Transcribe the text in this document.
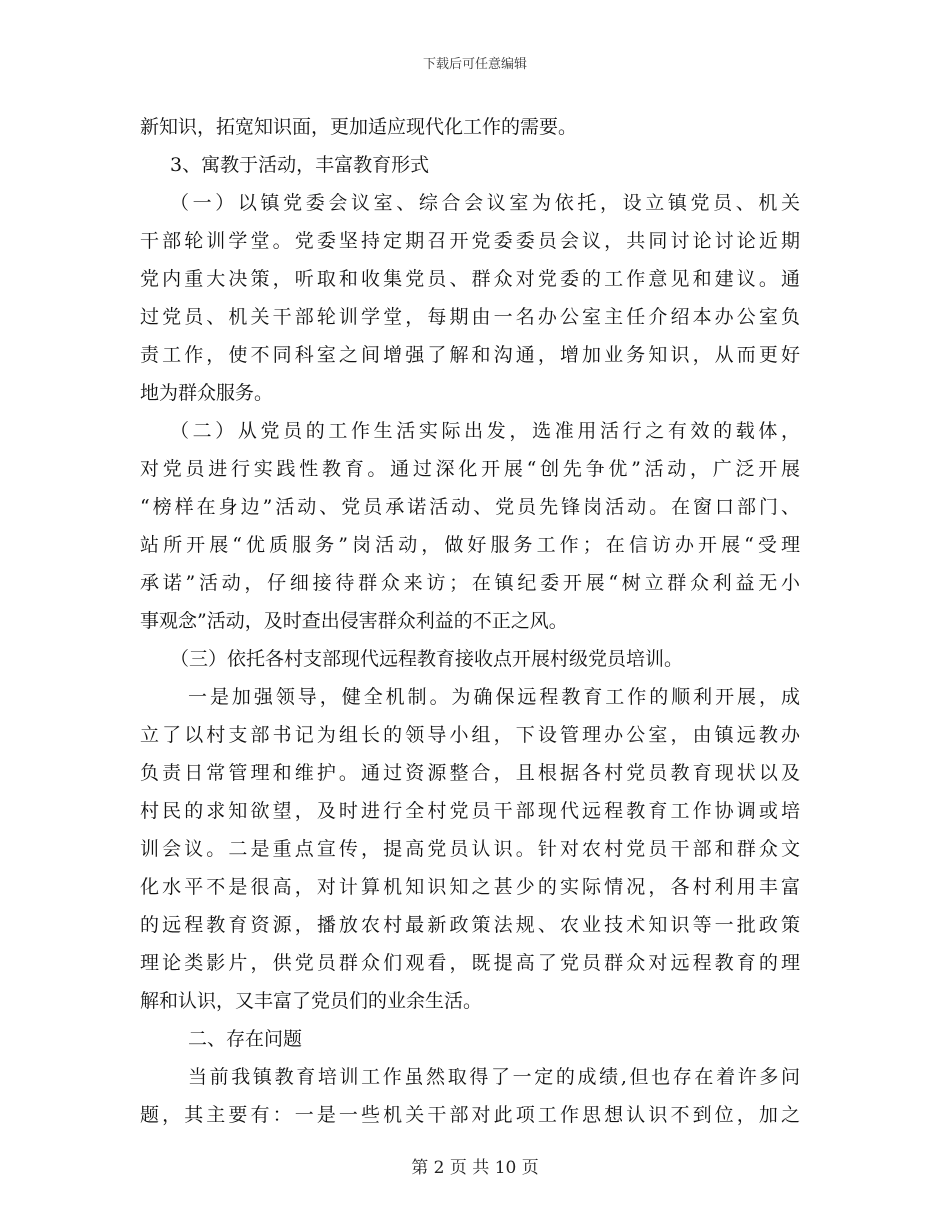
下载后可任意编辑
新知识，拓宽知识面，更加适应现代化工作的需要。
3、寓教于活动，丰富教育形式
（一）以镇党委会议室、综合会议室为依托，设立镇党员、机关
干部轮训学堂。党委坚持定期召开党委委员会议，共同讨论讨论近期
党内重大决策，听取和收集党员、群众对党委的工作意见和建议。通
过党员、机关干部轮训学堂，每期由一名办公室主任介绍本办公室负
责工作，使不同科室之间增强了解和沟通，增加业务知识，从而更好
地为群众服务。
（二）从党员的工作生活实际出发，选准用活行之有效的载体，
对党员进行实践性教育。通过深化开展“创先争优”活动，广泛开展
“榜样在身边”活动、党员承诺活动、党员先锋岗活动。在窗口部门、
站所开展“优质服务”岗活动，做好服务工作；在信访办开展“受理
承诺”活动，仔细接待群众来访；在镇纪委开展“树立群众利益无小
事观念”活动，及时查出侵害群众利益的不正之风。
（三）依托各村支部现代远程教育接收点开展村级党员培训。
一是加强领导，健全机制。为确保远程教育工作的顺利开展，成
立了以村支部书记为组长的领导小组，下设管理办公室，由镇远教办
负责日常管理和维护。通过资源整合，且根据各村党员教育现状以及
村民的求知欲望，及时进行全村党员干部现代远程教育工作协调或培
训会议。二是重点宣传，提高党员认识。针对农村党员干部和群众文
化水平不是很高，对计算机知识知之甚少的实际情况，各村利用丰富
的远程教育资源，播放农村最新政策法规、农业技术知识等一批政策
理论类影片，供党员群众们观看，既提高了党员群众对远程教育的理
解和认识，又丰富了党员们的业余生活。
二、存在问题
当前我镇教育培训工作虽然取得了一定的成绩,但也存在着许多问
题，其主要有：一是一些机关干部对此项工作思想认识不到位，加之
第 2 页 共 10 页
